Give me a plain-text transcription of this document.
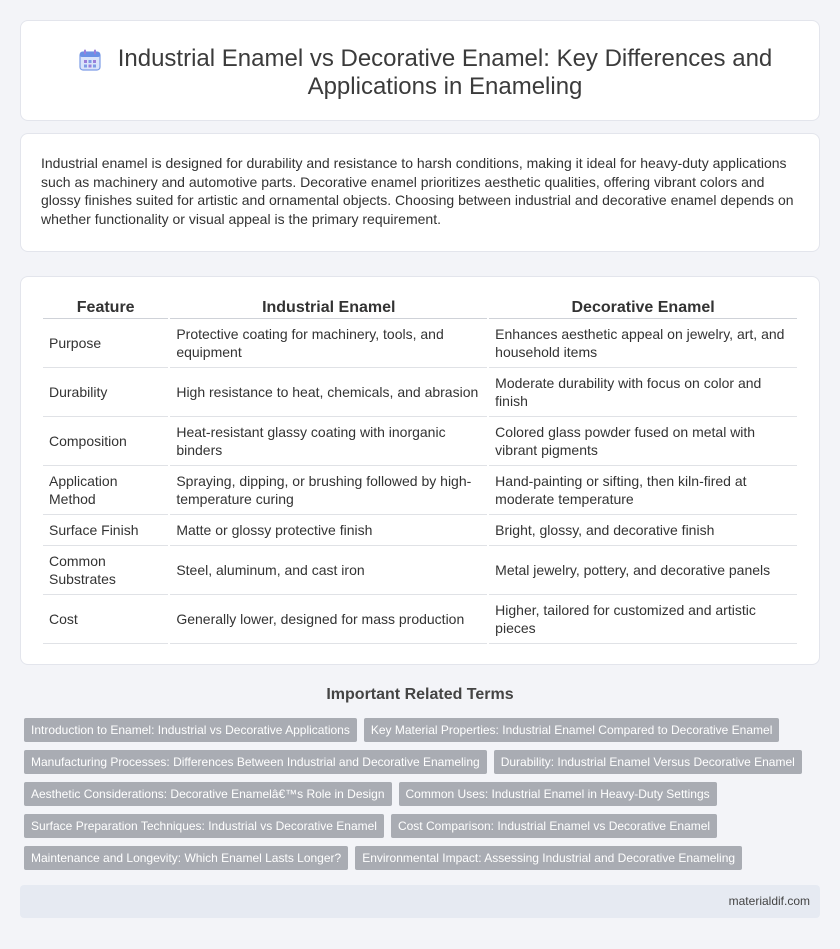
Industrial Enamel vs Decorative Enamel: Key Differences and Applications in Enameling

Industrial enamel is designed for durability and resistance to harsh conditions, making it ideal for heavy-duty applications such as machinery and automotive parts. Decorative enamel prioritizes aesthetic qualities, offering vibrant colors and glossy finishes suited for artistic and ornamental objects. Choosing between industrial and decorative enamel depends on whether functionality or visual appeal is the primary requirement.

Feature	Industrial Enamel	Decorative Enamel
Purpose	Protective coating for machinery, tools, and equipment	Enhances aesthetic appeal on jewelry, art, and household items
Durability	High resistance to heat, chemicals, and abrasion	Moderate durability with focus on color and finish
Composition	Heat-resistant glassy coating with inorganic binders	Colored glass powder fused on metal with vibrant pigments
Application Method	Spraying, dipping, or brushing followed by high-temperature curing	Hand-painting or sifting, then kiln-fired at moderate temperature
Surface Finish	Matte or glossy protective finish	Bright, glossy, and decorative finish
Common Substrates	Steel, aluminum, and cast iron	Metal jewelry, pottery, and decorative panels
Cost	Generally lower, designed for mass production	Higher, tailored for customized and artistic pieces
Important Related Terms
Introduction to Enamel: Industrial vs Decorative Applications	Key Material Properties: Industrial Enamel Compared to Decorative Enamel
Manufacturing Processes: Differences Between Industrial and Decorative Enameling	Durability: Industrial Enamel Versus Decorative Enamel
Aesthetic Considerations: Decorative Enamelâ€™s Role in Design	Common Uses: Industrial Enamel in Heavy-Duty Settings
Surface Preparation Techniques: Industrial vs Decorative Enamel	Cost Comparison: Industrial Enamel vs Decorative Enamel
Maintenance and Longevity: Which Enamel Lasts Longer?	Environmental Impact: Assessing Industrial and Decorative Enameling
materialdif.com
